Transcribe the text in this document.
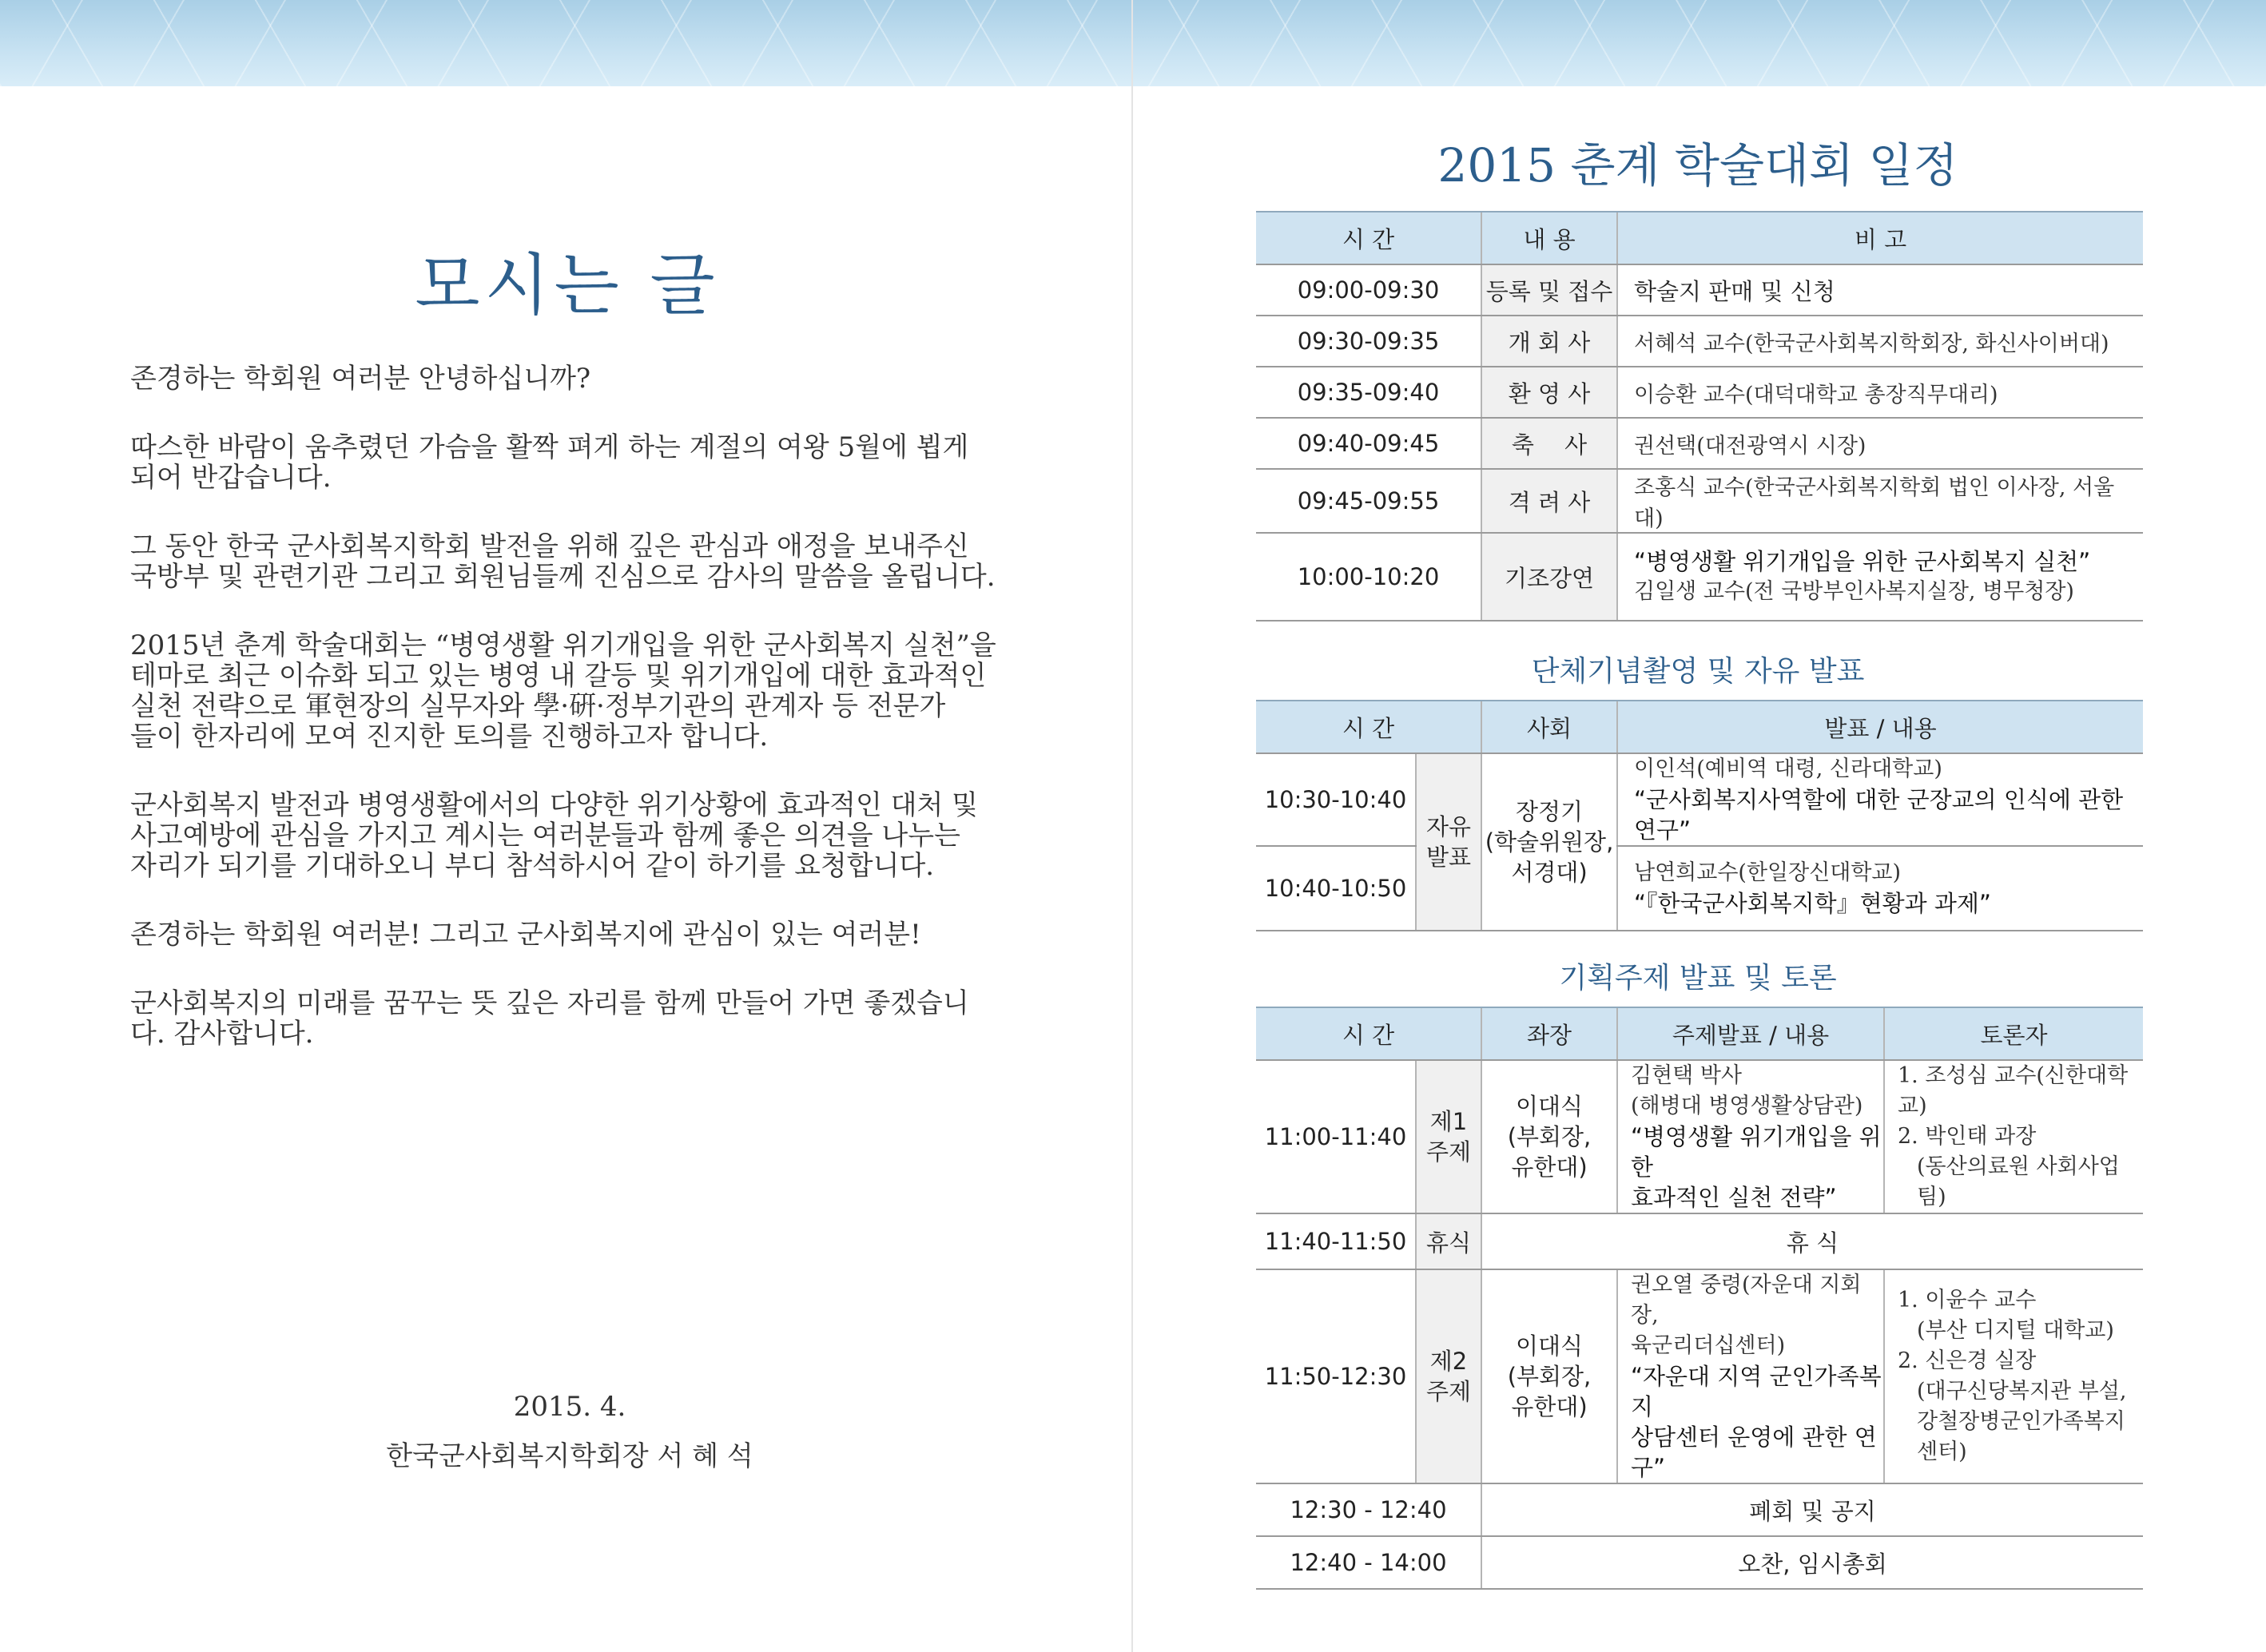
모시는 글

존경하는 학회원 여러분 안녕하십니까?

따스한 바람이 움추렸던 가슴을 활짝 펴게 하는 계절의 여왕 5월에 뵙게
되어 반갑습니다.

그 동안 한국 군사회복지학회 발전을 위해 깊은 관심과 애정을 보내주신
국방부 및 관련기관 그리고 회원님들께 진심으로 감사의 말씀을 올립니다.

2015년 춘계 학술대회는 “병영생활 위기개입을 위한 군사회복지 실천”을
테마로 최근 이슈화 되고 있는 병영 내 갈등 및 위기개입에 대한 효과적인
실천 전략으로 軍현장의 실무자와 學·硏·정부기관의 관계자 등 전문가
들이 한자리에 모여 진지한 토의를 진행하고자 합니다.

군사회복지 발전과 병영생활에서의 다양한 위기상황에 효과적인 대처 및
사고예방에 관심을 가지고 계시는 여러분들과 함께 좋은 의견을 나누는
자리가 되기를 기대하오니 부디 참석하시어 같이 하기를 요청합니다.

존경하는 학회원 여러분! 그리고 군사회복지에 관심이 있는 여러분!

군사회복지의 미래를 꿈꾸는 뜻 깊은 자리를 함께 만들어 가면 좋겠습니
다. 감사합니다.

2015. 4.
한국군사회복지학회장 서 혜 석
2015 춘계 학술대회 일정
시 간	내 용	비 고
09:00-09:30	등록 및 접수	학술지 판매 및 신청
09:30-09:35	개 회 사	서혜석 교수(한국군사회복지학회장, 화신사이버대)
09:35-09:40	환 영 사	이승환 교수(대덕대학교 총장직무대리)
09:40-09:45	축　 사	권선택(대전광역시 시장)
09:45-09:55	격 려 사	조홍식 교수(한국군사회복지학회 법인 이사장, 서울대)
10:00-10:20	기조강연	“병영생활 위기개입을 위한 군사회복지 실천”
김일생 교수(전 국방부인사복지실장, 병무청장)
단체기념촬영 및 자유 발표
시 간		사회	발표 / 내용
10:30-10:40	자유
발표	장정기
(학술위원장,
서경대)	이인석(예비역 대령, 신라대학교)
“군사회복지사역할에 대한 군장교의 인식에 관한 연구”

10:40-10:50			남연희교수(한일장신대학교)
“『한국군사회복지학』현황과 과제”
기획주제 발표 및 토론
시 간		좌장	주제발표 / 내용	토론자
11:00-11:40	제1
주제	이대식
(부회장,
유한대)	김현택 박사
(해병대 병영생활상담관)
“병영생활 위기개입을 위한
효과적인 실천 전략”	1. 조성심 교수(신한대학교)
2. 박인태 과장
(동산의료원 사회사업팀)

11:40-11:50	휴식	휴 식		
11:50-12:30	제2
주제	이대식
(부회장,
유한대)	권오열 중령(자운대 지회장,
육군리더십센터)
“자운대 지역 군인가족복지
상담센터 운영에 관한 연구”	1. 이윤수 교수
(부산 디지털 대학교)
2. 신은경 실장
(대구신당복지관 부설,
강철장병군인가족복지센터)

12:30 - 12:40		폐회 및 공지		
12:40 - 14:00		오찬, 임시총회		
